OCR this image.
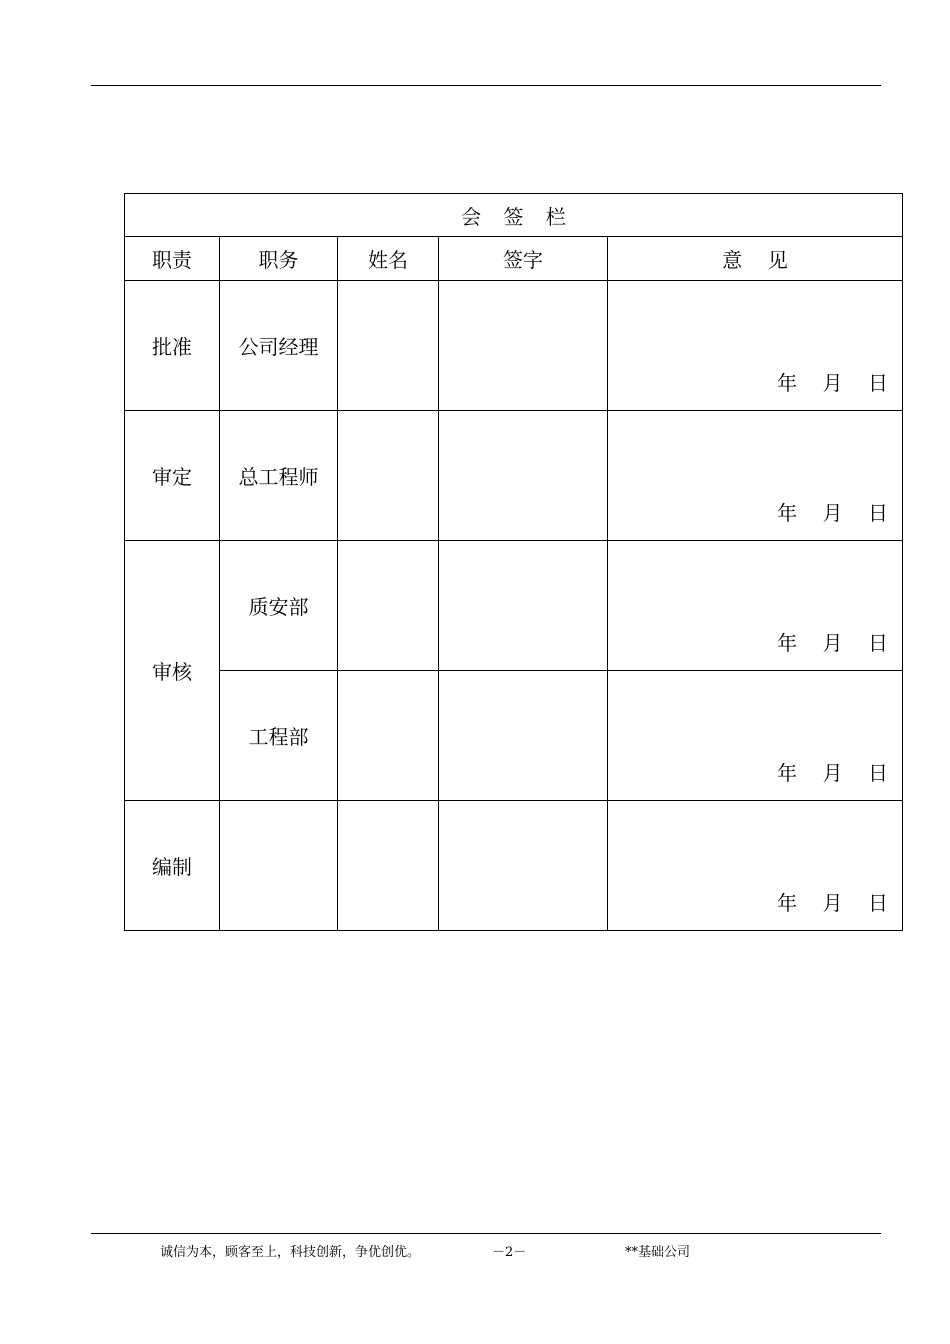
会 签 栏				
职责	职务	姓名	签字	意    见
批准	公司经理			年    月    日

审定	总工程师			年    月    日

审核	质安部			年    月    日

	工程部			年    月    日

编制				年    月    日
诚信为本，顾客至上，科技创新，争优创优。	－2－	**基础公司
